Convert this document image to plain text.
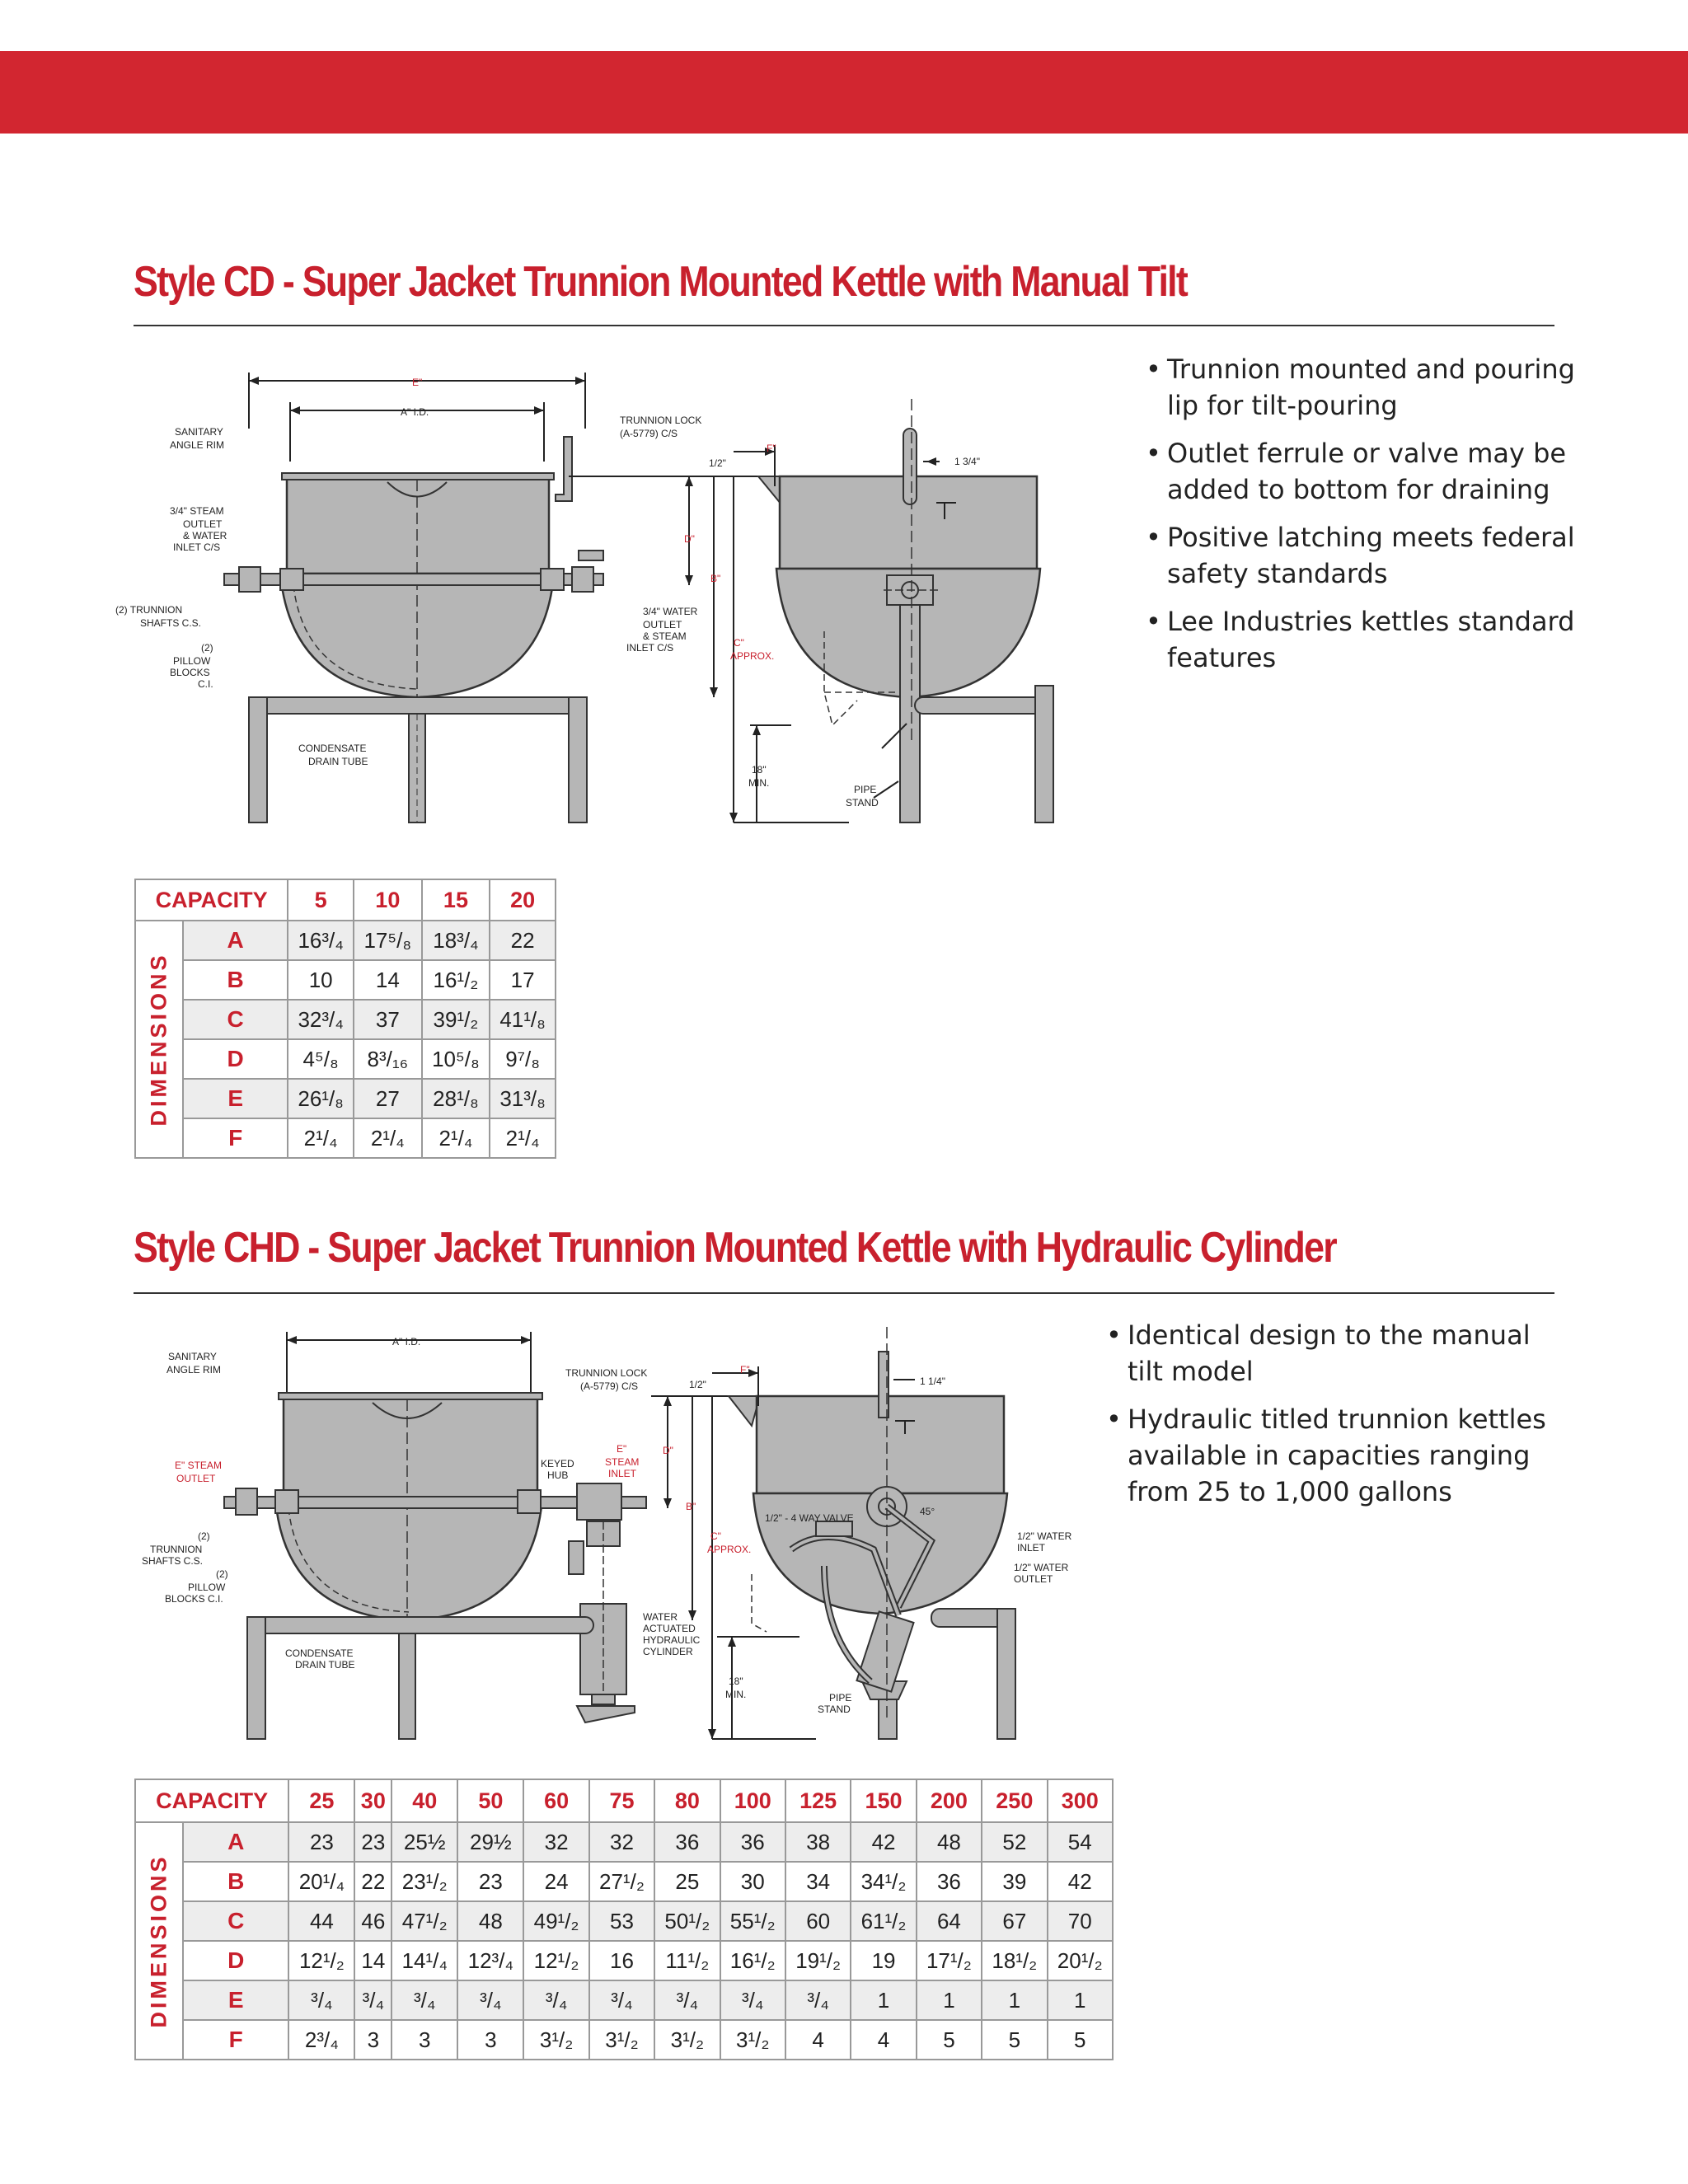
Style CD - Super Jacket Trunnion Mounted Kettle with Manual Tilt
E"
A" I.D.
SANITARY
ANGLE RIM
TRUNNION LOCK
(A-5779) C/S
3/4" STEAM
OUTLET
& WATER
INLET C/S
(2) TRUNNION
SHAFTS C.S.
(2)
PILLOW
BLOCKS
C.I.
3/4" WATER
OUTLET
& STEAM
INLET C/S
CONDENSATE
DRAIN TUBE
1/2"
F"
1 3/4"
D"
B"
C"
APPROX.
18"
MIN.
PIPE
STAND
• Trunnion mounted and pouring lip for tilt-pouring
• Outlet ferrule or valve may be added to bottom for draining
• Positive latching meets federal safety standards
• Lee Industries kettles standard features
CAPACITY		5	10	15	20

DIMENSIONS	A	16³/₄	17⁵/₈	18³/₄	22
	B	10	14	16¹/₂	17
	C	32³/₄	37	39¹/₂	41¹/₈
	D	4⁵/₈	8³/₁₆	10⁵/₈	9⁷/₈
	E	26¹/₈	27	28¹/₈	31³/₈
	F	2¹/₄	2¹/₄	2¹/₄	2¹/₄
Style CHD - Super Jacket Trunnion Mounted Kettle with Hydraulic Cylinder
A" I.D.
SANITARY
ANGLE RIM	TRUNNION LOCK
(A-5779) C/S
E" STEAM
OUTLET
KEYED
HUB
E"
STEAM
INLET
(2)
TRUNNION
SHAFTS C.S.
(2)
PILLOW
BLOCKS C.I.
CONDENSATE
DRAIN TUBE
WATER
ACTUATED
HYDRAULIC
CYLINDER
1/2"
F"
1 1/4"
D"
B"
C"
APPROX.
1/2" - 4 WAY VALVE
45°
1/2" WATER
INLET
1/2" WATER
OUTLET
18"
MIN.	PIPE
STAND
• Identical design to the manual tilt model
• Hydraulic titled trunnion kettles available in capacities ranging from 25 to 1,000 gallons
CAPACITY		25	30	40	50	60	75	80	100	125	150	200	250	300

DIMENSIONS	A	23	23	25½	29½	32	32	36	36	38	42	48	52	54
	B	20¹/₄	22	23¹/₂	23	24	27¹/₂	25	30	34	34¹/₂	36	39	42
	C	44	46	47¹/₂	48	49¹/₂	53	50¹/₂	55¹/₂	60	61¹/₂	64	67	70
	D	12¹/₂	14	14¹/₄	12³/₄	12¹/₂	16	11¹/₂	16¹/₂	19¹/₂	19	17¹/₂	18¹/₂	20¹/₂
	E	³/₄	³/₄	³/₄	³/₄	³/₄	³/₄	³/₄	³/₄	³/₄	1	1	1	1
	F	2³/₄	3	3	3	3¹/₂	3¹/₂	3¹/₂	3¹/₂	4	4	5	5	5
